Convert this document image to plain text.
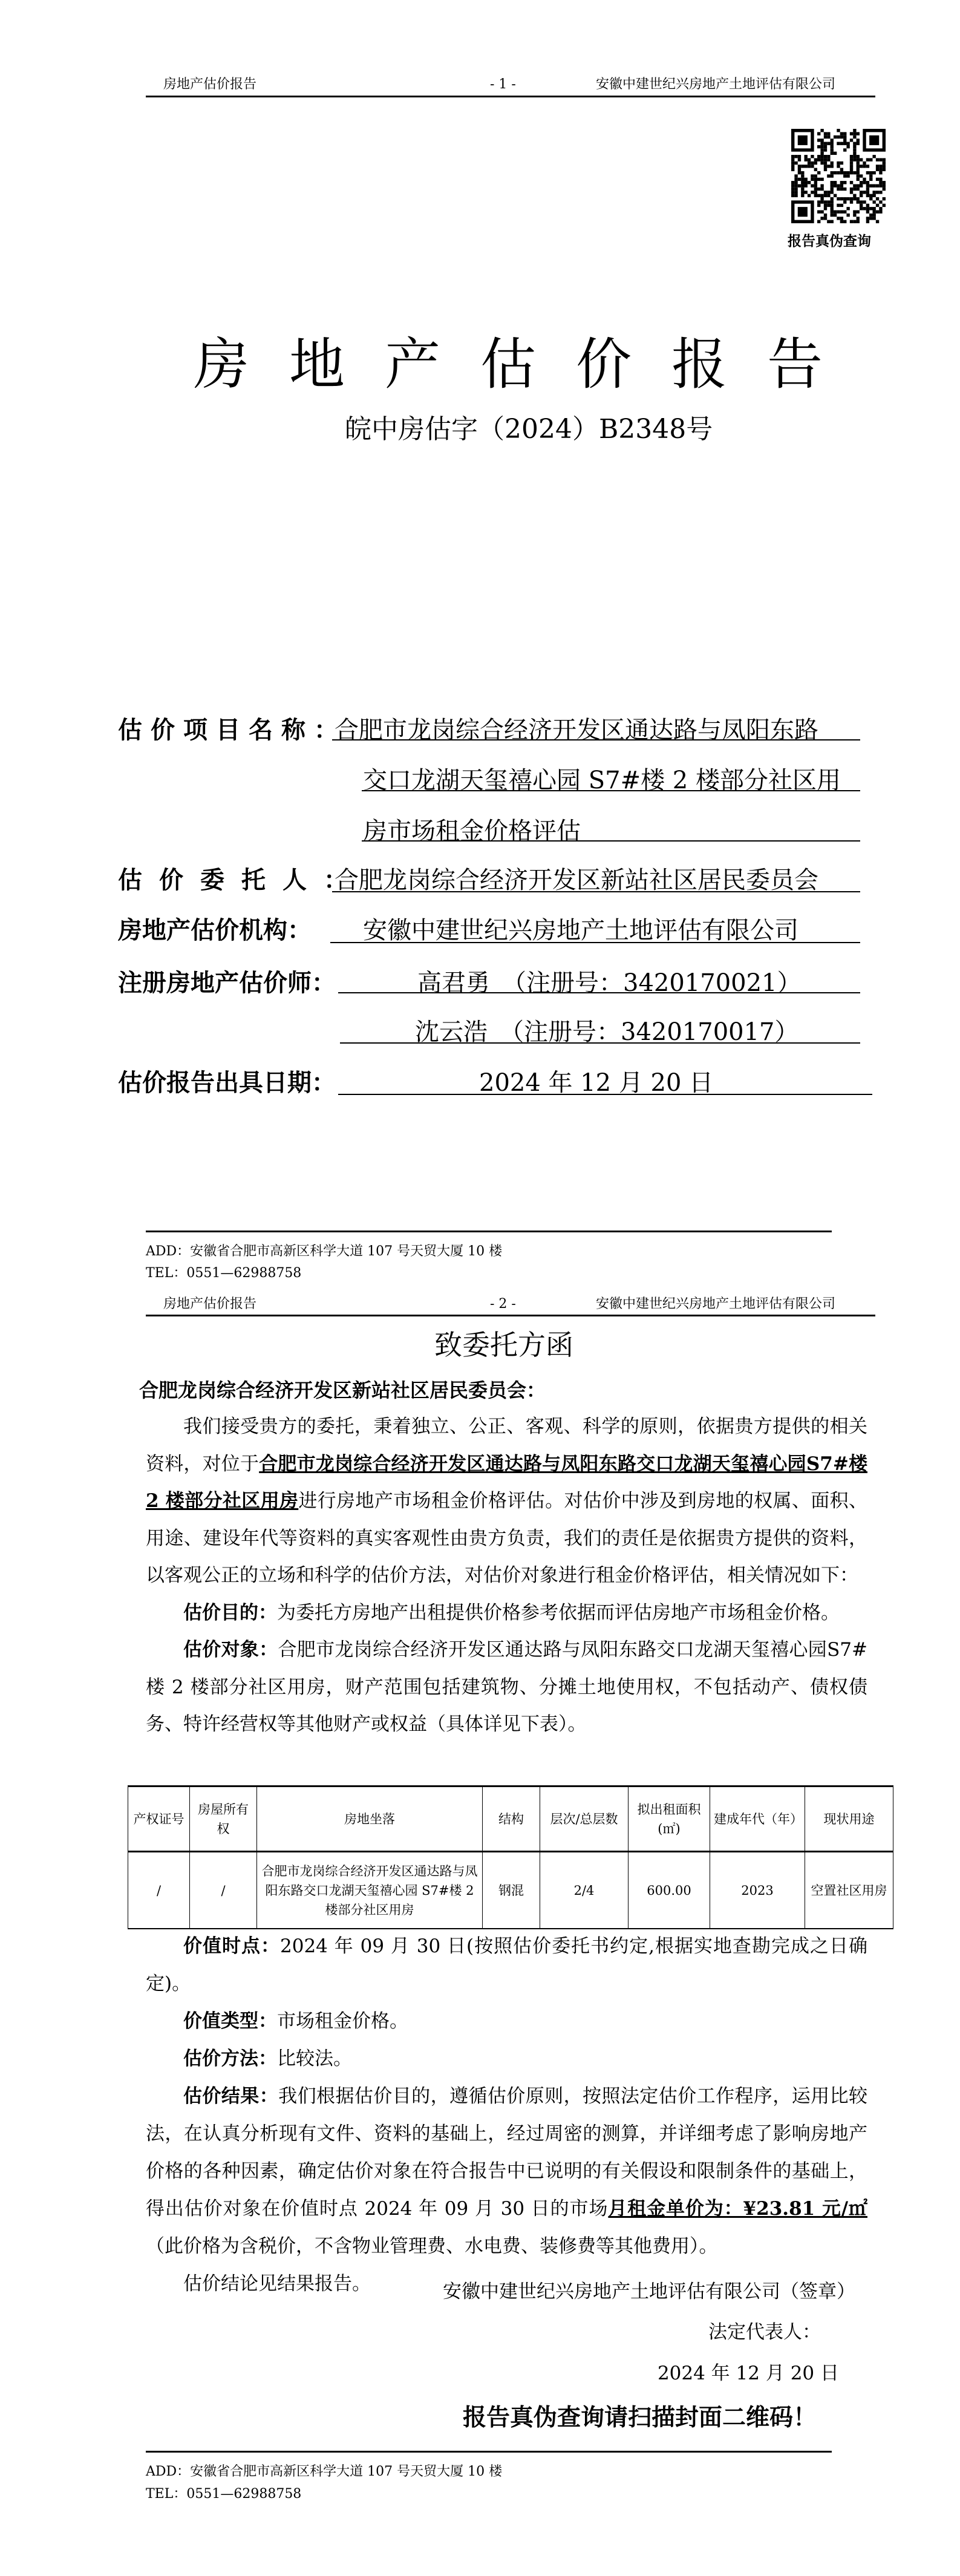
房地产估价报告	- 1 -	安徽中建世纪兴房地产土地评估有限公司
报告真伪查询
房地产估价报告
皖中房估字（2024）B2348号
估价项目名称：
合肥市龙岗综合经济开发区通达路与凤阳东路
交口龙湖天玺禧心园 S7#楼 2 楼部分社区用
房市场租金价格评估
估价委托人：
合肥龙岗综合经济开发区新站社区居民委员会
房地产估价机构： 安徽中建世纪兴房地产土地评估有限公司
注册房地产估价师：	高君勇　（注册号：3420170021）
沈云浩　（注册号：3420170017）
估价报告出具日期：	2024 年 12 月 20 日
ADD：安徽省合肥市高新区科学大道 107 号天贸大厦 10 楼
TEL：0551—62988758
房地产估价报告	- 2 -	安徽中建世纪兴房地产土地评估有限公司
致委托方函
合肥龙岗综合经济开发区新站社区居民委员会：

我们接受贵方的委托，秉着独立、公正、客观、科学的原则，依据贵方提供的相关资料，对位于合肥市龙岗综合经济开发区通达路与凤阳东路交口龙湖天玺禧心园S7#楼 2 楼部分社区用房进行房地产市场租金价格评估。对估价中涉及到房地的权属、面积、用途、建设年代等资料的真实客观性由贵方负责，我们的责任是依据贵方提供的资料，以客观公正的立场和科学的估价方法，对估价对象进行租金价格评估，相关情况如下：

估价目的：为委托方房地产出租提供价格参考依据而评估房地产市场租金价格。

估价对象：合肥市龙岗综合经济开发区通达路与凤阳东路交口龙湖天玺禧心园S7#楼 2 楼部分社区用房，财产范围包括建筑物、分摊土地使用权，不包括动产、债权债务、特许经营权等其他财产或权益（具体详见下表）。

产权证号	房屋所有权	房地坐落	结构	层次/总层数	拟出租面积(㎡)	建成年代（年）	现状用途
/	/	合肥市龙岗综合经济开发区通达路与凤阳东路交口龙湖天玺禧心园 S7#楼 2 楼部分社区用房	钢混	2/4	600.00	2023	空置社区用房

价值时点：2024 年 09 月 30 日(按照估价委托书约定,根据实地查勘完成之日确定)。

价值类型：市场租金价格。

估价方法：比较法。

估价结果：我们根据估价目的，遵循估价原则，按照法定估价工作程序，运用比较法，在认真分析现有文件、资料的基础上，经过周密的测算，并详细考虑了影响房地产价格的各种因素，确定估价对象在符合报告中已说明的有关假设和限制条件的基础上，得出估价对象在价值时点 2024 年 09 月 30 日的市场月租金单价为：¥23.81 元/㎡（此价格为含税价，不含物业管理费、水电费、装修费等其他费用）。

估价结论见结果报告。	安徽中建世纪兴房地产土地评估有限公司（签章）
法定代表人：
2024 年 12 月 20 日
报告真伪查询请扫描封面二维码！
ADD：安徽省合肥市高新区科学大道 107 号天贸大厦 10 楼
TEL：0551—62988758
